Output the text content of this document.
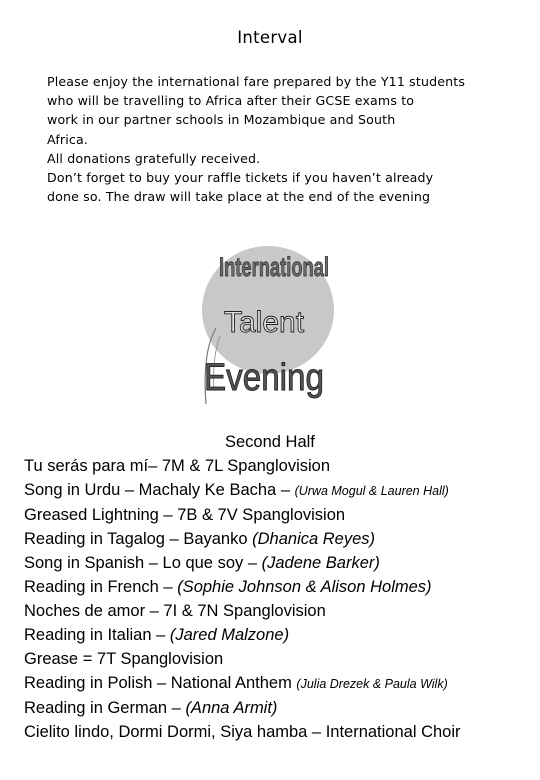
Interval
Please enjoy the international fare prepared by the Y11 students
who will be travelling to Africa after their GCSE exams to
work in our partner schools in Mozambique and South
Africa.
All donations gratefully received.
Don’t forget to buy your raffle tickets if you haven’t already
done so. The draw will take place at the end of the evening
International
Talent
Evening
Second Half
Tu serás para mí– 7M & 7L Spanglovision
Song in Urdu – Machaly Ke Bacha – (Urwa Mogul & Lauren Hall)
Greased Lightning – 7B & 7V Spanglovision
Reading in Tagalog – Bayanko (Dhanica Reyes)
Song in Spanish – Lo que soy – (Jadene Barker)
Reading in French – (Sophie Johnson & Alison Holmes)
Noches de amor – 7I & 7N Spanglovision
Reading in Italian – (Jared Malzone)
Grease = 7T Spanglovision
Reading in Polish – National Anthem (Julia Drezek & Paula Wilk)
Reading in German – (Anna Armit)
Cielito lindo, Dormi Dormi, Siya hamba – International Choir
